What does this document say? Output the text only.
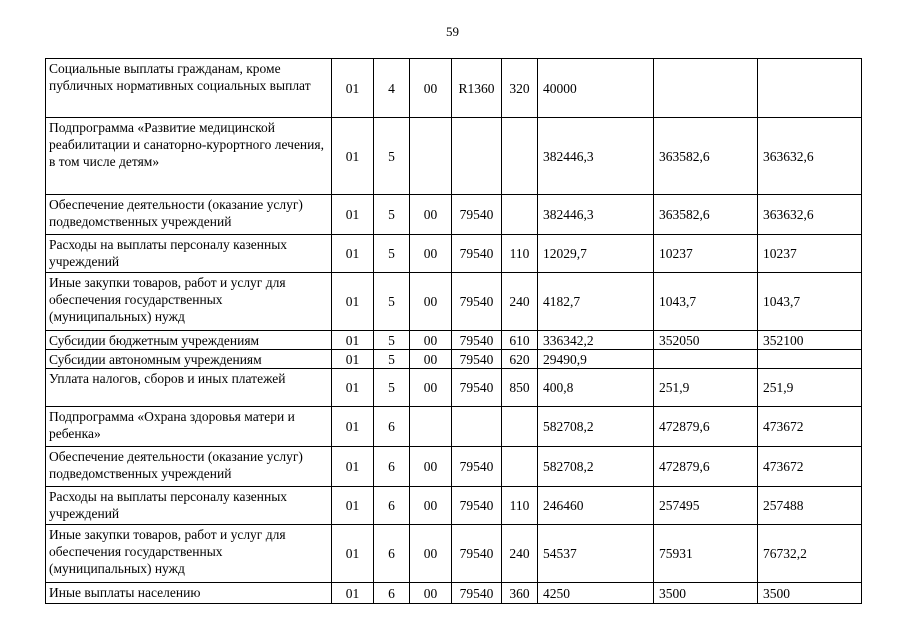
59
Социальные выплаты гражданам, кроме публичных нормативных социальных выплат	01	4	00	R1360	320	40000		
Подпрограмма «Развитие медицинской реабилитации и санаторно-курортного лечения, в том числе детям»	01	5				382446,3	363582,6	363632,6
Обеспечение деятельности (оказание услуг) подведомственных учреждений	01	5	00	79540		382446,3	363582,6	363632,6
Расходы на выплаты персоналу казенных учреждений	01	5	00	79540	110	12029,7	10237	10237
Иные закупки товаров, работ и услуг для обеспечения государственных (муниципальных) нужд	01	5	00	79540	240	4182,7	1043,7	1043,7
Субсидии бюджетным учреждениям	01	5	00	79540	610	336342,2	352050	352100
Субсидии автономным учреждениям	01	5	00	79540	620	29490,9		
Уплата налогов, сборов и иных платежей	01	5	00	79540	850	400,8	251,9	251,9
Подпрограмма «Охрана здоровья матери и ребенка»	01	6				582708,2	472879,6	473672
Обеспечение деятельности (оказание услуг) подведомственных учреждений	01	6	00	79540		582708,2	472879,6	473672
Расходы на выплаты персоналу казенных учреждений	01	6	00	79540	110	246460	257495	257488
Иные закупки товаров, работ и услуг для обеспечения государственных (муниципальных) нужд	01	6	00	79540	240	54537	75931	76732,2
Иные выплаты населению	01	6	00	79540	360	4250	3500	3500
